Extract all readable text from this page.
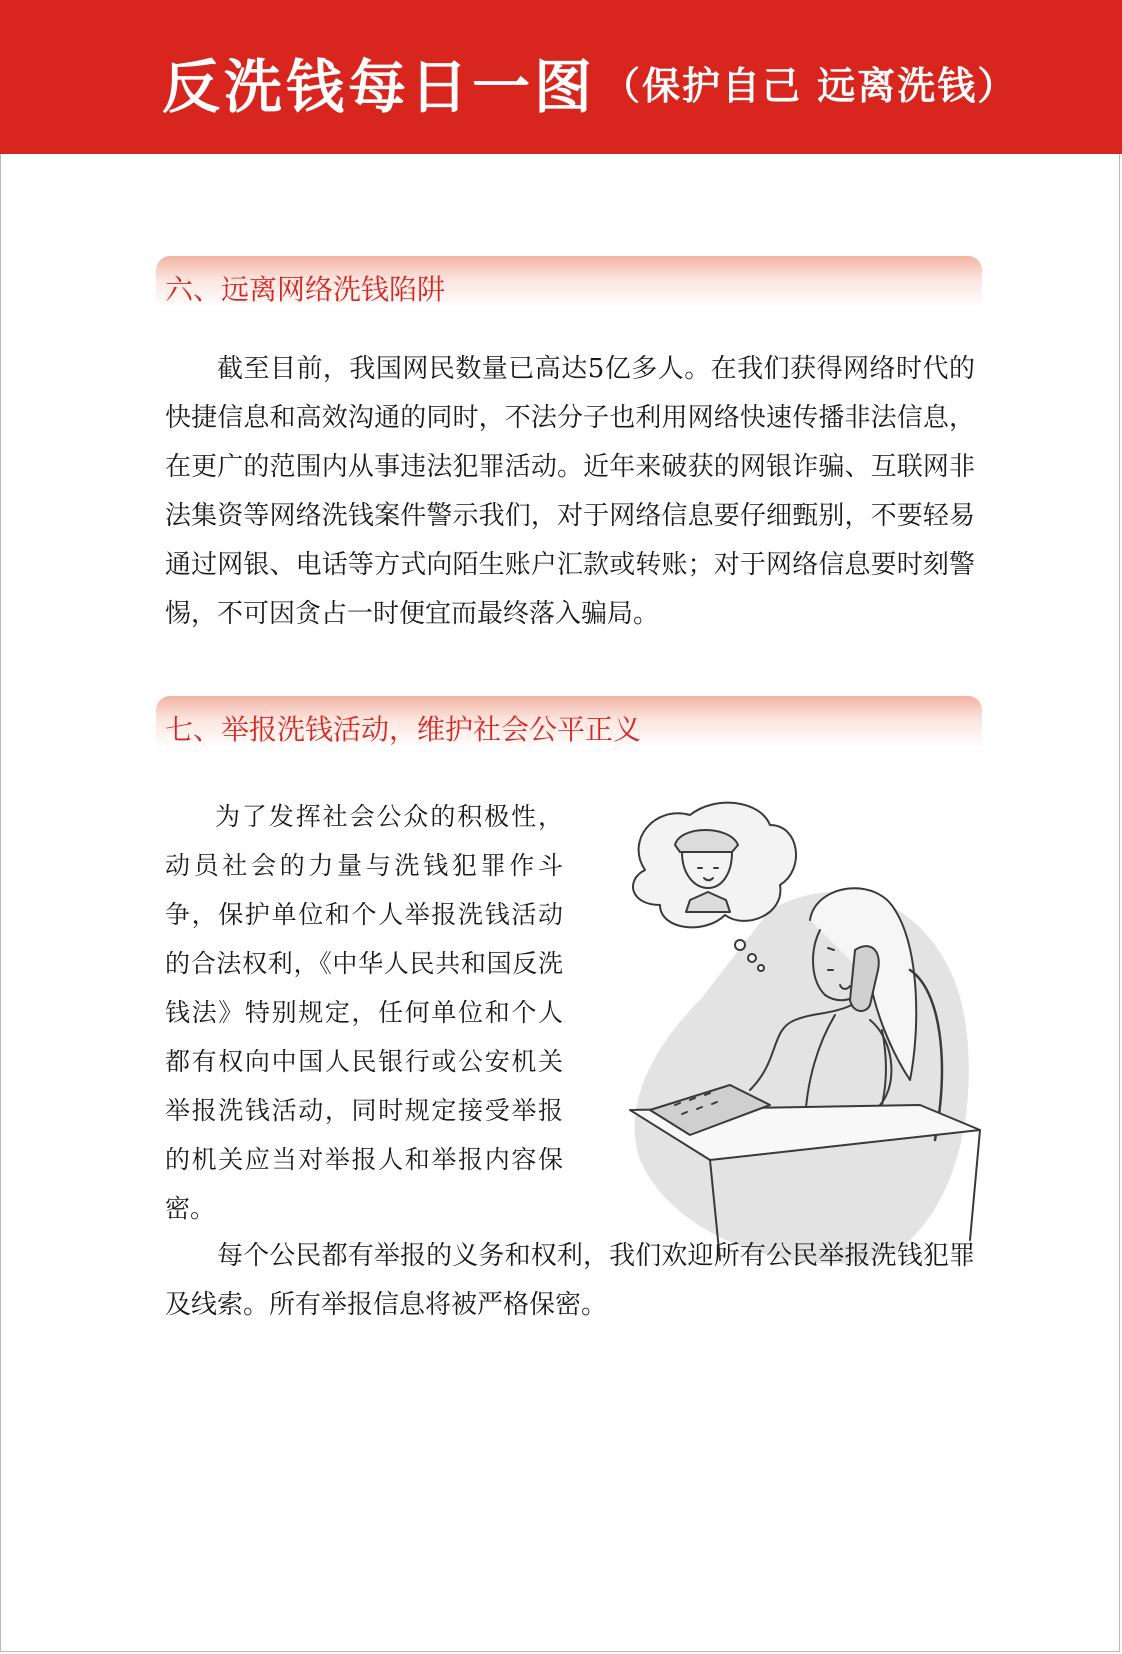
反洗钱每日一图 （保护自己 远离洗钱）
六、远离网络洗钱陷阱

截至目前，我国网民数量已高达5亿多人。在我们获得网络时代的快捷信息和高效沟通的同时，不法分子也利用网络快速传播非法信息，在更广的范围内从事违法犯罪活动。近年来破获的网银诈骗、互联网非法集资等网络洗钱案件警示我们，对于网络信息要仔细甄别，不要轻易通过网银、电话等方式向陌生账户汇款或转账；对于网络信息要时刻警惕，不可因贪占一时便宜而最终落入骗局。

七、举报洗钱活动，维护社会公平正义

为了发挥社会公众的积极性，动员社会的力量与洗钱犯罪作斗争，保护单位和个人举报洗钱活动的合法权利，《中华人民共和国反洗钱法》特别规定，任何单位和个人都有权向中国人民银行或公安机关举报洗钱活动，同时规定接受举报的机关应当对举报人和举报内容保密。

每个公民都有举报的义务和权利，我们欢迎所有公民举报洗钱犯罪及线索。所有举报信息将被严格保密。
